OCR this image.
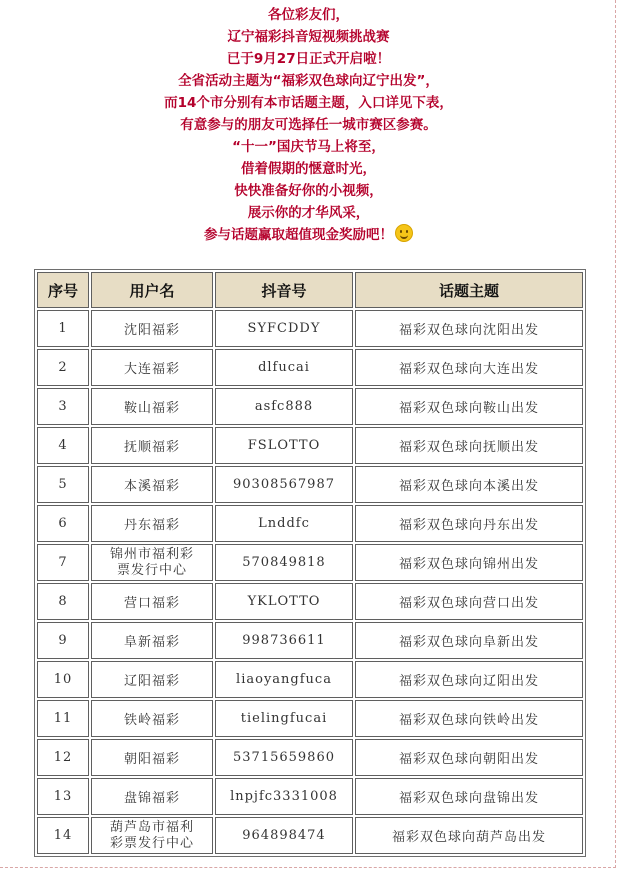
各位彩友们，
辽宁福彩抖音短视频挑战赛
已于9月27日正式开启啦！
全省活动主题为“福彩双色球向辽宁出发”，
而14个市分别有本市话题主题，入口详见下表，
有意参与的朋友可选择任一城市赛区参赛。
“十一”国庆节马上将至，
借着假期的惬意时光，
快快准备好你的小视频，
展示你的才华风采，
参与话题赢取超值现金奖励吧！
序号	用户名	抖音号	话题主题
1	沈阳福彩	SYFCDDY	福彩双色球向沈阳出发
2	大连福彩	dlfucai	福彩双色球向大连出发
3	鞍山福彩	asfc888	福彩双色球向鞍山出发
4	抚顺福彩	FSLOTTO	福彩双色球向抚顺出发
5	本溪福彩	90308567987	福彩双色球向本溪出发
6	丹东福彩	Lnddfc	福彩双色球向丹东出发
7	锦州市福利彩
票发行中心	570849818	福彩双色球向锦州出发
8	营口福彩	YKLOTTO	福彩双色球向营口出发
9	阜新福彩	998736611	福彩双色球向阜新出发
10	辽阳福彩	liaoyangfuca	福彩双色球向辽阳出发
11	铁岭福彩	tielingfucai	福彩双色球向铁岭出发
12	朝阳福彩	53715659860	福彩双色球向朝阳出发
13	盘锦福彩	lnpjfc3331008	福彩双色球向盘锦出发
14	葫芦岛市福利
彩票发行中心	964898474	福彩双色球向葫芦岛出发
